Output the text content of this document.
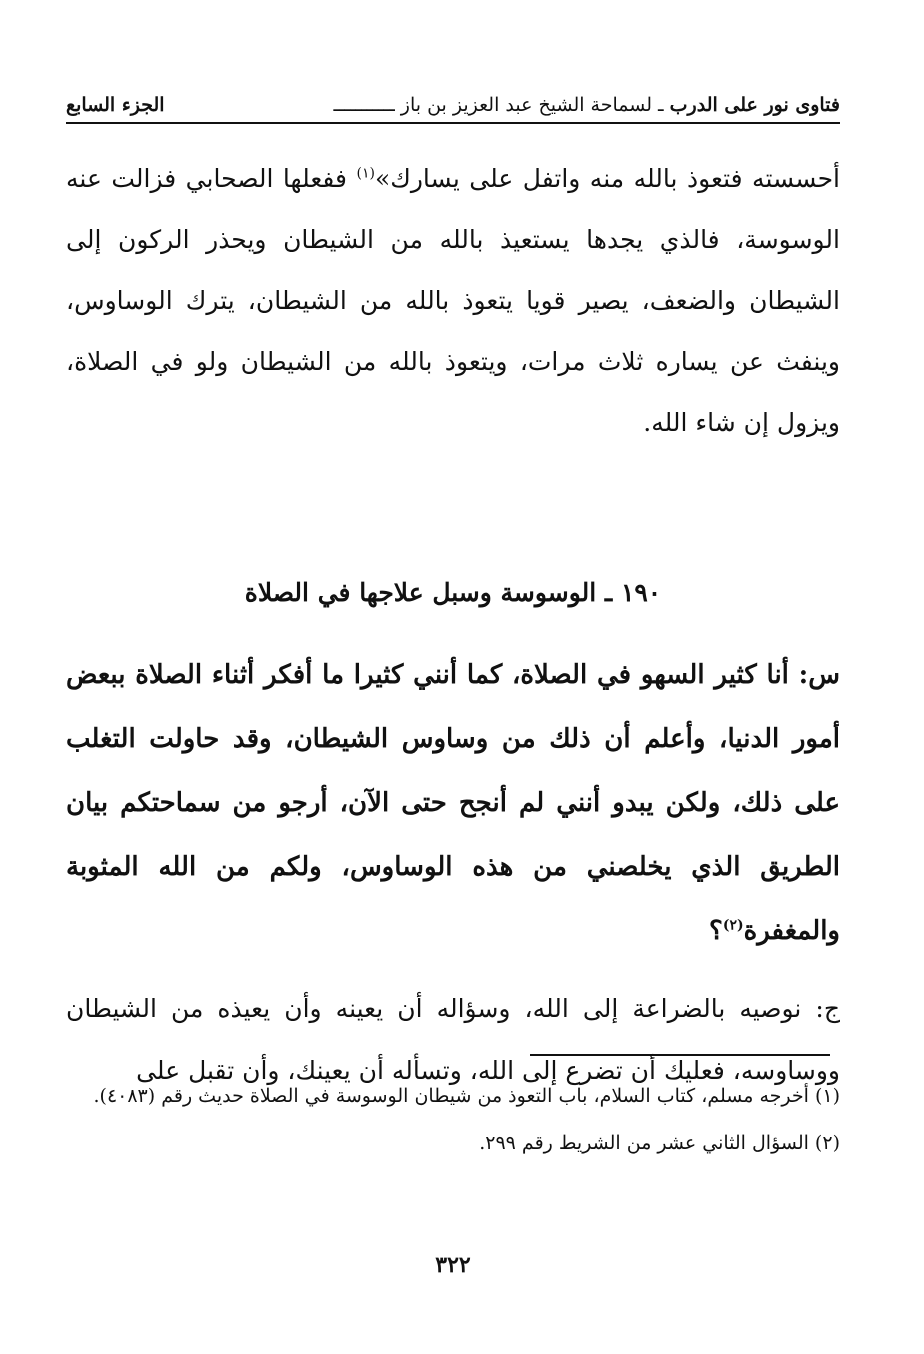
فتاوى نور على الدرب ـ لسماحة الشيخ عبد العزيز بن باز ـــــــــــ
الجزء السابع
أحسسته فتعوذ بالله منه واتفل على يسارك»$^{(١)}$ ففعلها الصحابي فزالت عنه الوسوسة، فالذي يجدها يستعيذ بالله من الشيطان ويحذر الركون إلى الشيطان والضعف، يصير قويا يتعوذ بالله من الشيطان، يترك الوساوس، وينفث عن يساره ثلاث مرات، ويتعوذ بالله من الشيطان ولو في الصلاة، ويزول إن شاء الله.
١٩٠ ـ الوسوسة وسبل علاجها في الصلاة
س: أنا كثير السهو في الصلاة، كما أنني كثيرا ما أفكر أثناء الصلاة ببعض أمور الدنيا، وأعلم أن ذلك من وساوس الشيطان، وقد حاولت التغلب على ذلك، ولكن يبدو أنني لم أنجح حتى الآن، أرجو من سماحتكم بيان الطريق الذي يخلصني من هذه الوساوس، ولكم من الله المثوبة والمغفرة$^{(٢)}$؟
ج: نوصيه بالضراعة إلى الله، وسؤاله أن يعينه وأن يعيذه من الشيطان ووساوسه، فعليك أن تضرع إلى الله، وتسأله أن يعينك، وأن تقبل على
(١) أخرجه مسلم، كتاب السلام، باب التعوذ من شيطان الوسوسة في الصلاة حديث رقم (٤٠٨٣).
(٢) السؤال الثاني عشر من الشريط رقم ٢٩٩.
٣٢٢
